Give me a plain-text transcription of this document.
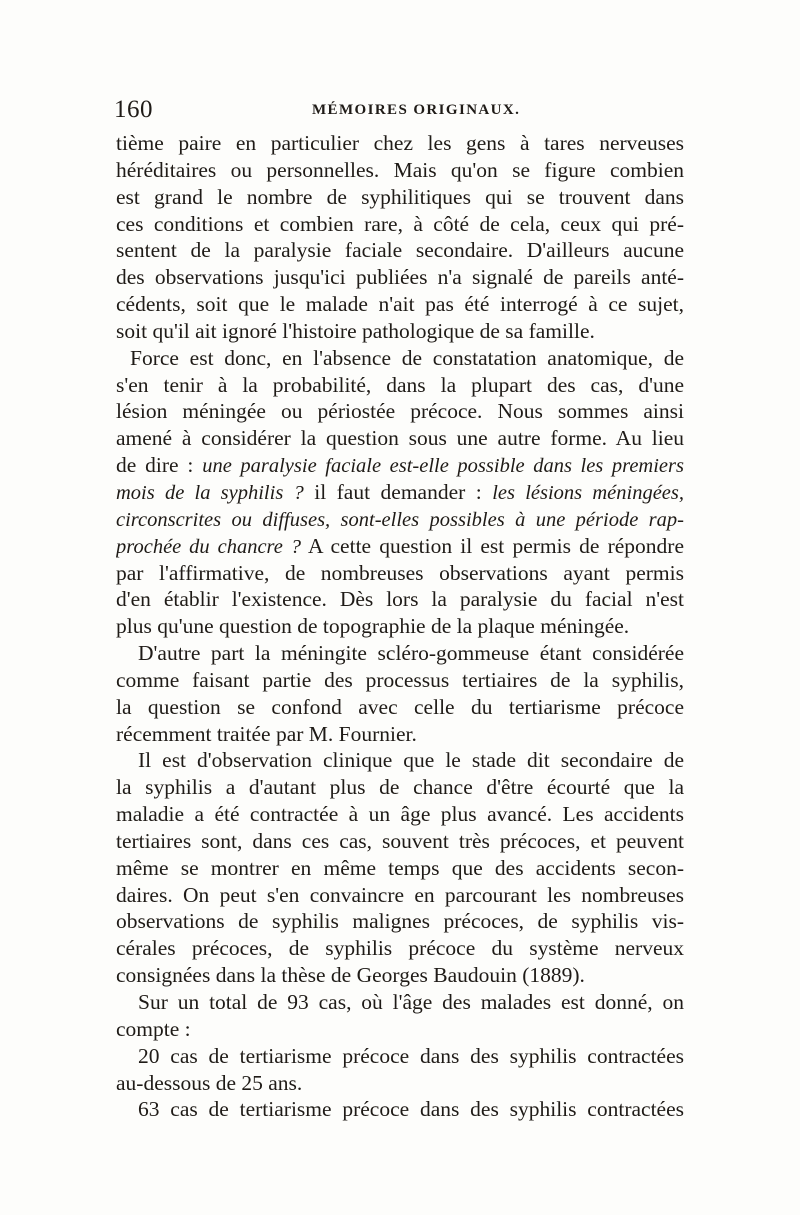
160	MÉMOIRES ORIGINAUX.
tième paire en particulier chez les gens à tares nerveuses
héréditaires ou personnelles. Mais qu'on se figure combien
est grand le nombre de syphilitiques qui se trouvent dans
ces conditions et combien rare, à côté de cela, ceux qui pré-
sentent de la paralysie faciale secondaire. D'ailleurs aucune
des observations jusqu'ici publiées n'a signalé de pareils anté-
cédents, soit que le malade n'ait pas été interrogé à ce sujet,
soit qu'il ait ignoré l'histoire pathologique de sa famille.
Force est donc, en l'absence de constatation anatomique, de
s'en tenir à la probabilité, dans la plupart des cas, d'une
lésion méningée ou périostée précoce. Nous sommes ainsi
amené à considérer la question sous une autre forme. Au lieu
de dire : une paralysie faciale est-elle possible dans les premiers
mois de la syphilis ? il faut demander : les lésions méningées,
circonscrites ou diffuses, sont-elles possibles à une période rap-
prochée du chancre ? A cette question il est permis de répondre
par l'affirmative, de nombreuses observations ayant permis
d'en établir l'existence. Dès lors la paralysie du facial n'est
plus qu'une question de topographie de la plaque méningée.
D'autre part la méningite scléro-gommeuse étant considérée
comme faisant partie des processus tertiaires de la syphilis,
la question se confond avec celle du tertiarisme précoce
récemment traitée par M. Fournier.
Il est d'observation clinique que le stade dit secondaire de
la syphilis a d'autant plus de chance d'être écourté que la
maladie a été contractée à un âge plus avancé. Les accidents
tertiaires sont, dans ces cas, souvent très précoces, et peuvent
même se montrer en même temps que des accidents secon-
daires. On peut s'en convaincre en parcourant les nombreuses
observations de syphilis malignes précoces, de syphilis vis-
cérales précoces, de syphilis précoce du système nerveux
consignées dans la thèse de Georges Baudouin (1889).
Sur un total de 93 cas, où l'âge des malades est donné, on
compte :
20 cas de tertiarisme précoce dans des syphilis contractées
au-dessous de 25 ans.
63 cas de tertiarisme précoce dans des syphilis contractées
